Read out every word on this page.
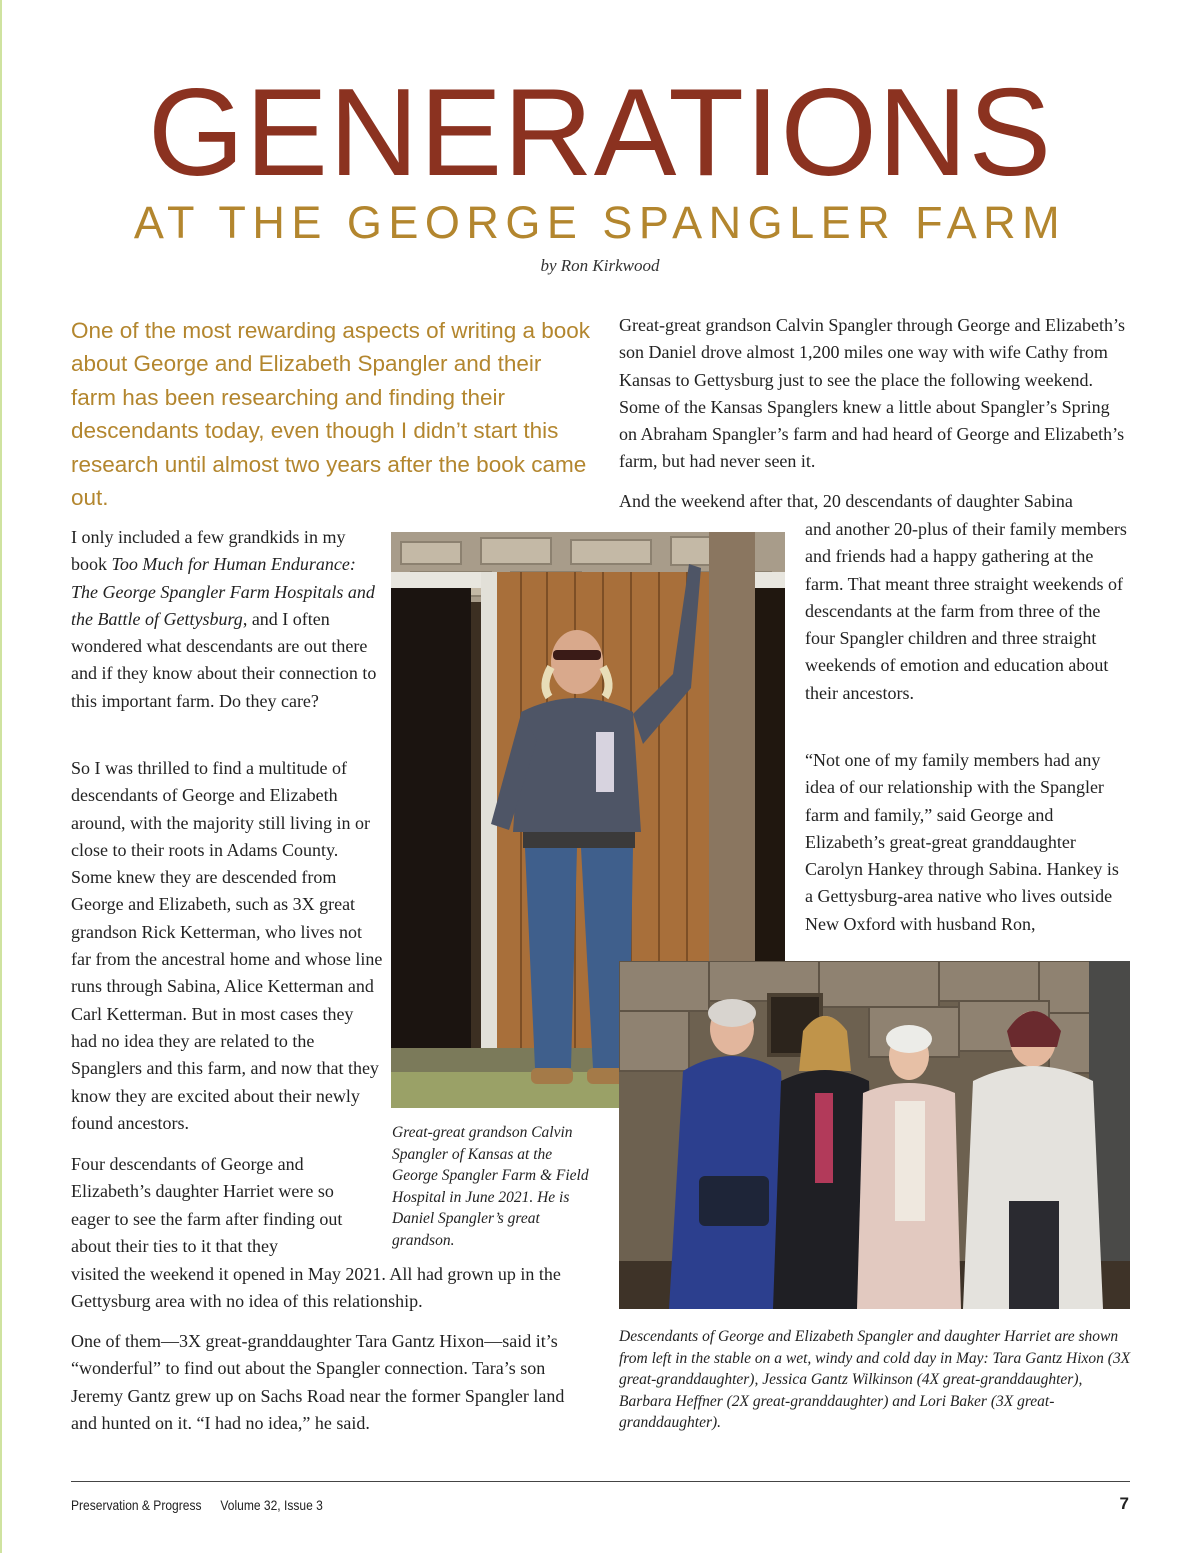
GENERATIONS
AT THE GEORGE SPANGLER FARM
by Ron Kirkwood

One of the most rewarding aspects of writing a book about George and Elizabeth Spangler and their farm has been researching and finding their descendants today, even though I didn’t start this research until almost two years after the book came out.

I only included a few grandkids in my book Too Much for Human Endurance: The George Spangler Farm Hospitals and the Battle of Gettysburg, and I often wondered what descendants are out there and if they know about their connection to this important farm. Do they care?

So I was thrilled to find a multitude of descendants of George and Elizabeth around, with the majority still living in or close to their roots in Adams County. Some knew they are descended from George and Elizabeth, such as 3X great grandson Rick Ketterman, who lives not far from the ancestral home and whose line runs through Sabina, Alice Ketterman and Carl Ketterman. But in most cases they had no idea they are related to the Spanglers and this farm, and now that they know they are excited about their newly found ancestors.

Four descendants of George and Elizabeth’s daughter Harriet were so eager to see the farm after finding out about their ties to it that they

visited the weekend it opened in May 2021. All had grown up in the Gettysburg area with no idea of this relationship.

One of them—3X great-granddaughter Tara Gantz Hixon—said it’s “wonderful” to find out about the Spangler connection. Tara’s son Jeremy Gantz grew up on Sachs Road near the former Spangler land and hunted on it. “I had no idea,” he said.

Great-great grandson Calvin Spangler through George and Elizabeth’s son Daniel drove almost 1,200 miles one way with wife Cathy from Kansas to Gettysburg just to see the place the following weekend. Some of the Kansas Spanglers knew a little about Spangler’s Spring on Abraham Spangler’s farm and had heard of George and Elizabeth’s farm, but had never seen it.

And the weekend after that, 20 descendants of daughter Sabina

and another 20-plus of their family members and friends had a happy gathering at the farm. That meant three straight weekends of descendants at the farm from three of the four Spangler children and three straight weekends of emotion and education about their ancestors.

“Not one of my family members had any idea of our relationship with the Spangler farm and family,” said George and Elizabeth’s great-great granddaughter Carolyn Hankey through Sabina. Hankey is a Gettysburg-area native who lives outside New Oxford with husband Ron,

Great-great grandson Calvin Spangler of Kansas at the George Spangler Farm & Field Hospital in June 2021. He is Daniel Spangler’s great grandson.

Descendants of George and Elizabeth Spangler and daughter Harriet are shown from left in the stable on a wet, windy and cold day in May: Tara Gantz Hixon (3X great-granddaughter), Jessica Gantz Wilkinson (4X great-granddaughter), Barbara Heffner (2X great-granddaughter) and Lori Baker (3X great-granddaughter).

Preservation & Progress Volume 32, Issue 3	7
